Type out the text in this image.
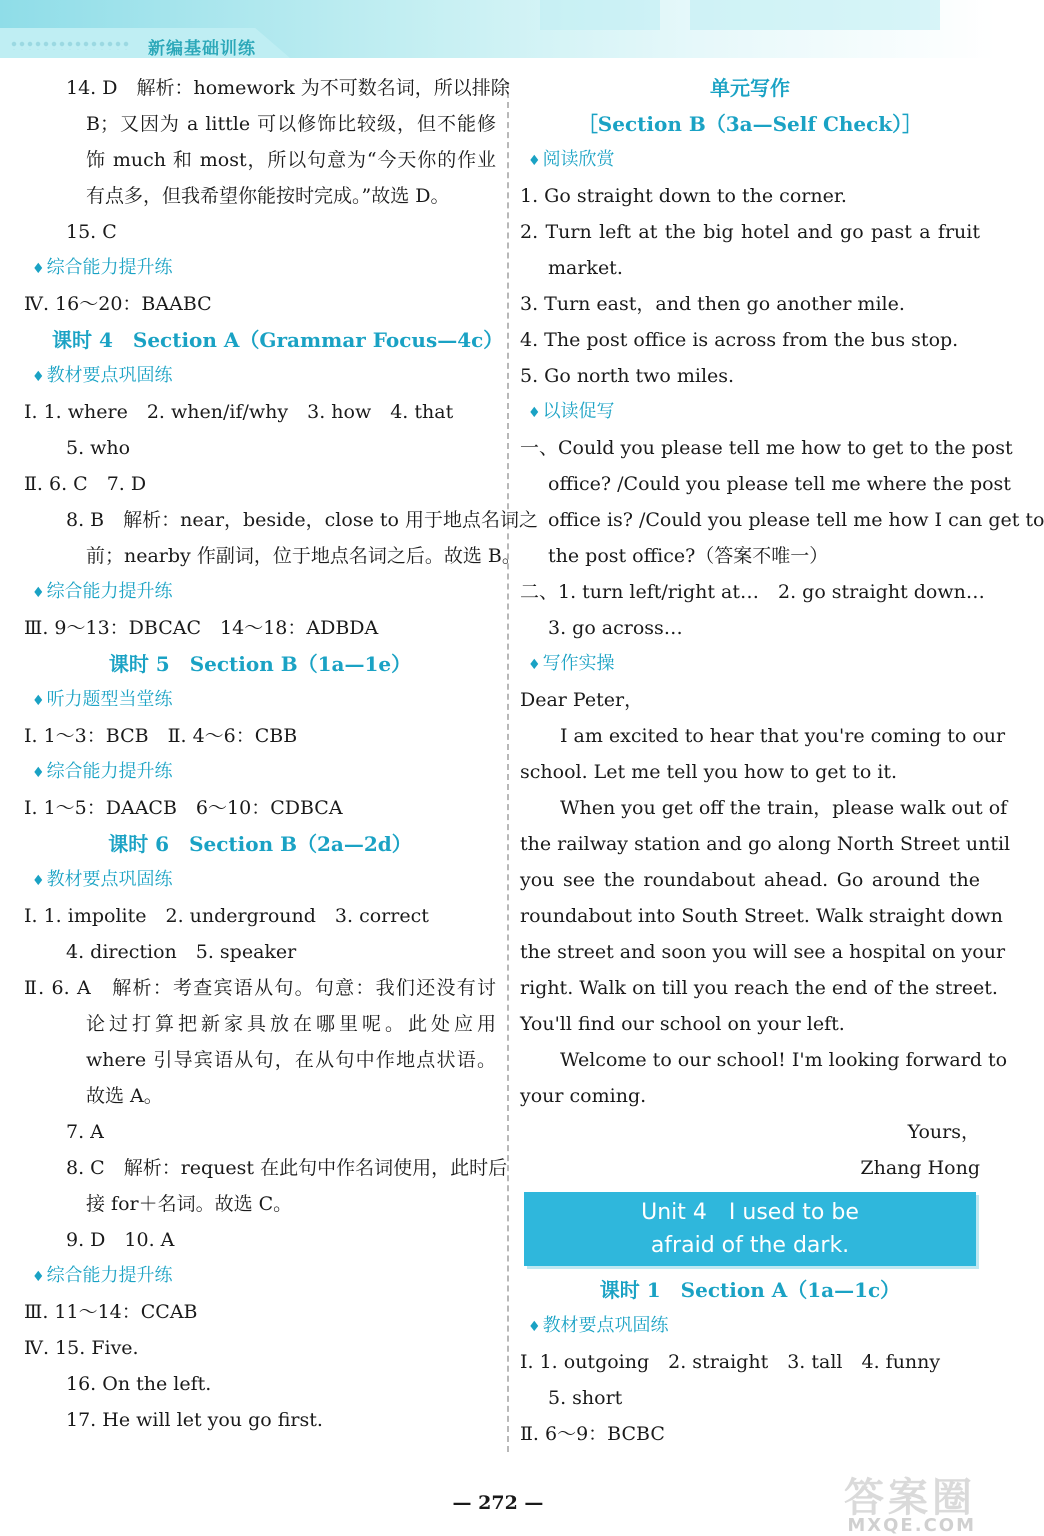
新编基础训练
14. D　解析：homework 为不可数名词，所以排除
B；又因为 a little 可以修饰比较级，但不能修
饰 much 和 most，所以句意为“今天你的作业
有点多，但我希望你能按时完成。”故选 D。
15. C
♦ 综合能力提升练
Ⅳ. 16～20：BAABC
课时 4　Section A（Grammar Focus—4c）
♦ 教材要点巩固练
Ⅰ. 1. where　2. when/if/why　3. how　4. that
5. who
Ⅱ. 6. C　7. D
8. B　解析：near，beside，close to 用于地点名词之
前；nearby 作副词，位于地点名词之后。故选 B。
♦ 综合能力提升练
Ⅲ. 9～13：DBCAC　14～18：ADBDA
课时 5　Section B（1a—1e）
♦ 听力题型当堂练
Ⅰ. 1～3：BCB　Ⅱ. 4～6：CBB
♦ 综合能力提升练
Ⅰ. 1～5：DAACB　6～10：CDBCA
课时 6　Section B（2a—2d）
♦ 教材要点巩固练
Ⅰ. 1. impolite　2. underground　3. correct
4. direction　5. speaker
Ⅱ. 6. A　解析：考查宾语从句。句意：我们还没有讨
论过打算把新家具放在哪里呢。此处应用
where 引导宾语从句，在从句中作地点状语。
故选 A。
7. A
8. C　解析：request 在此句中作名词使用，此时后
接 for＋名词。故选 C。
9. D　10. A
♦ 综合能力提升练
Ⅲ. 11～14：CCAB
Ⅳ. 15. Five.
16. On the left.
17. He will let you go first.
单元写作
［Section B（3a—Self Check）］
♦ 阅读欣赏
1. Go straight down to the corner.
2. Turn left at the big hotel and go past a fruit
market.
3. Turn east，and then go another mile.
4. The post office is across from the bus stop.
5. Go north two miles.
♦ 以读促写
一、Could you please tell me how to get to the post
office? /Could you please tell me where the post
office is? /Could you please tell me how I can get to
the post office?（答案不唯一）
二、1. turn left/right at…　2. go straight down…
3. go across…
♦ 写作实操
Dear Peter，
I am excited to hear that you're coming to our
school. Let me tell you how to get to it.
When you get off the train，please walk out of
the railway station and go along North Street until
you see the roundabout ahead. Go around the
roundabout into South Street. Walk straight down
the street and soon you will see a hospital on your
right. Walk on till you reach the end of the street.
You'll find our school on your left.
Welcome to our school! I'm looking forward to
your coming.
Yours，
Zhang Hong
Unit 4　I used to be
afraid of the dark.
课时 1　Section A（1a—1c）
♦ 教材要点巩固练
Ⅰ. 1. outgoing　2. straight　3. tall　4. funny
5. short
Ⅱ. 6～9：BCBC
— 272 —	答案圈
MXQE.COM
